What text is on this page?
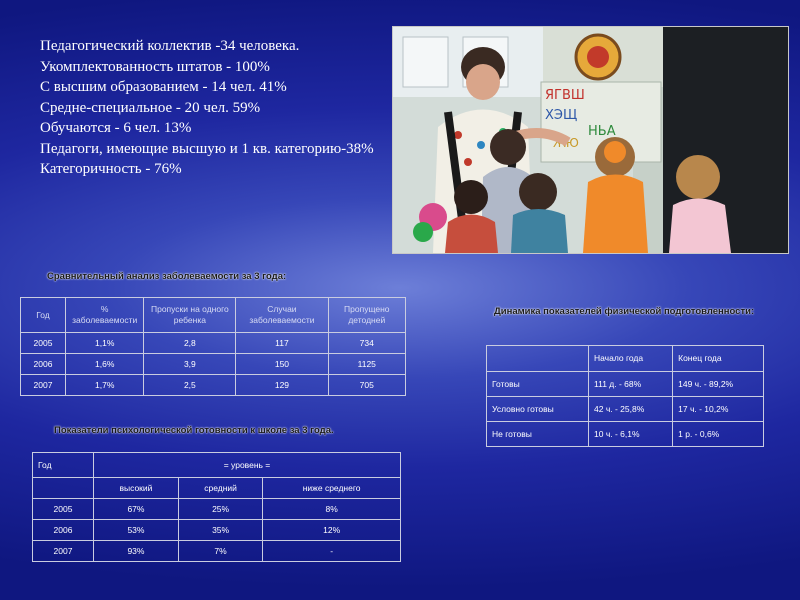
Педагогический коллектив -34 человека.
Укомплектованность штатов - 100%
С высшим образованием - 14 чел. 41%
Средне-специальное - 20 чел. 59%
Обучаются - 6 чел. 13%
Педагоги, имеющие высшую и 1 кв. категорию-38%
Категоричность - 76%
ЯГВШ
ХЭЩ
НЬА
ЖЮ
Сравнительный анализ заболеваемости за 3 года:
Год	% заболеваемости	Пропуски на одного ребенка	Случаи заболеваемости	Пропущено детодней
2005	1,1%	2,8	117	734
2006	1,6%	3,9	150	1125
2007	1,7%	2,5	129	705
Показатели психологической готовности к школе за 3 года.
Год	= уровень =		
	высокий	средний	ниже среднего
2005	67%	25%	8%
2006	53%	35%	12%
2007	93%	7%	-
Динамика показателей физической подготовленности:
	Начало года	Конец года
Готовы	111 д. - 68%	149 ч. - 89,2%
Условно готовы	42 ч. - 25,8%	17 ч. - 10,2%
Не готовы	10 ч. - 6,1%	1 р. - 0,6%
